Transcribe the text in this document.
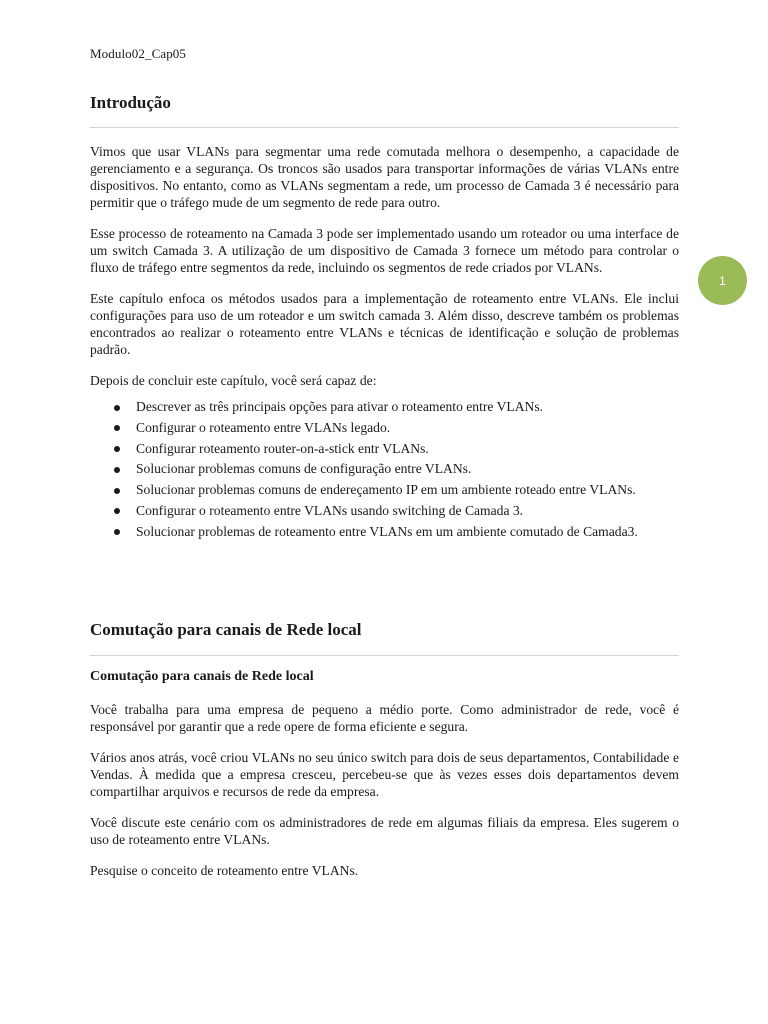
Modulo02_Cap05
Introdução

Vimos que usar VLANs para segmentar uma rede comutada melhora o desempenho, a capacidade de gerenciamento e a segurança. Os troncos são usados para transportar informações de várias VLANs entre dispositivos. No entanto, como as VLANs segmentam a rede, um processo de Camada 3 é necessário para permitir que o tráfego mude de um segmento de rede para outro.

Esse processo de roteamento na Camada 3 pode ser implementado usando um roteador ou uma interface de um switch Camada 3. A utilização de um dispositivo de Camada 3 fornece um método para controlar o fluxo de tráfego entre segmentos da rede, incluindo os segmentos de rede criados por VLANs.

Este capítulo enfoca os métodos usados para a implementação de roteamento entre VLANs. Ele inclui configurações para uso de um roteador e um switch camada 3. Além disso, descreve também os problemas encontrados ao realizar o roteamento entre VLANs e técnicas de identificação e solução de problemas padrão.

Depois de concluir este capítulo, você será capaz de:

Descrever as três principais opções para ativar o roteamento entre VLANs.
Configurar o roteamento entre VLANs legado.
Configurar roteamento router-on-a-stick entr VLANs.
Solucionar problemas comuns de configuração entre VLANs.
Solucionar problemas comuns de endereçamento IP em um ambiente roteado entre VLANs.
Configurar o roteamento entre VLANs usando switching de Camada 3.
Solucionar problemas de roteamento entre VLANs em um ambiente comutado de Camada3.
Comutação para canais de Rede local

Comutação para canais de Rede local

Você trabalha para uma empresa de pequeno a médio porte. Como administrador de rede, você é responsável por garantir que a rede opere de forma eficiente e segura.

Vários anos atrás, você criou VLANs no seu único switch para dois de seus departamentos, Contabilidade e Vendas. À medida que a empresa cresceu, percebeu-se que às vezes esses dois departamentos devem compartilhar arquivos e recursos de rede da empresa.

Você discute este cenário com os administradores de rede em algumas filiais da empresa. Eles sugerem o uso de roteamento entre VLANs.

Pesquise o conceito de roteamento entre VLANs.

1
